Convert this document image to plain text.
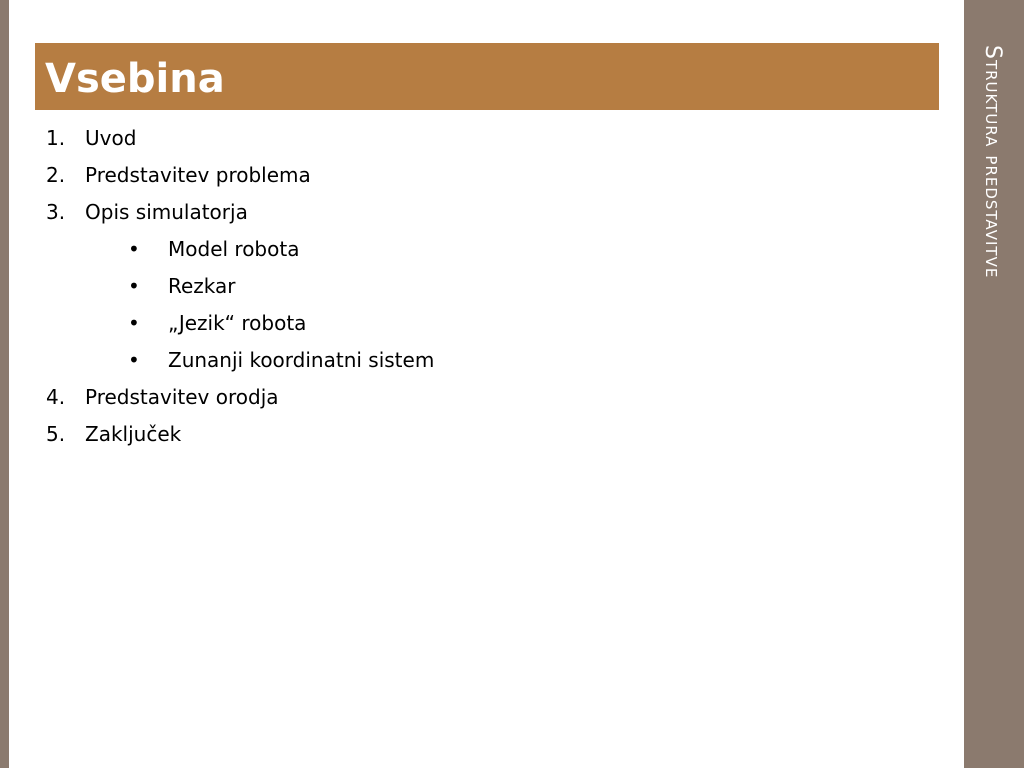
Struktura predstavitve
Vsebina
1. Uvod
2. Predstavitev problema
3. Opis simulatorja
• Model robota
• Rezkar
• „Jezik“ robota
• Zunanji koordinatni sistem
4. Predstavitev orodja
5. Zaključek
